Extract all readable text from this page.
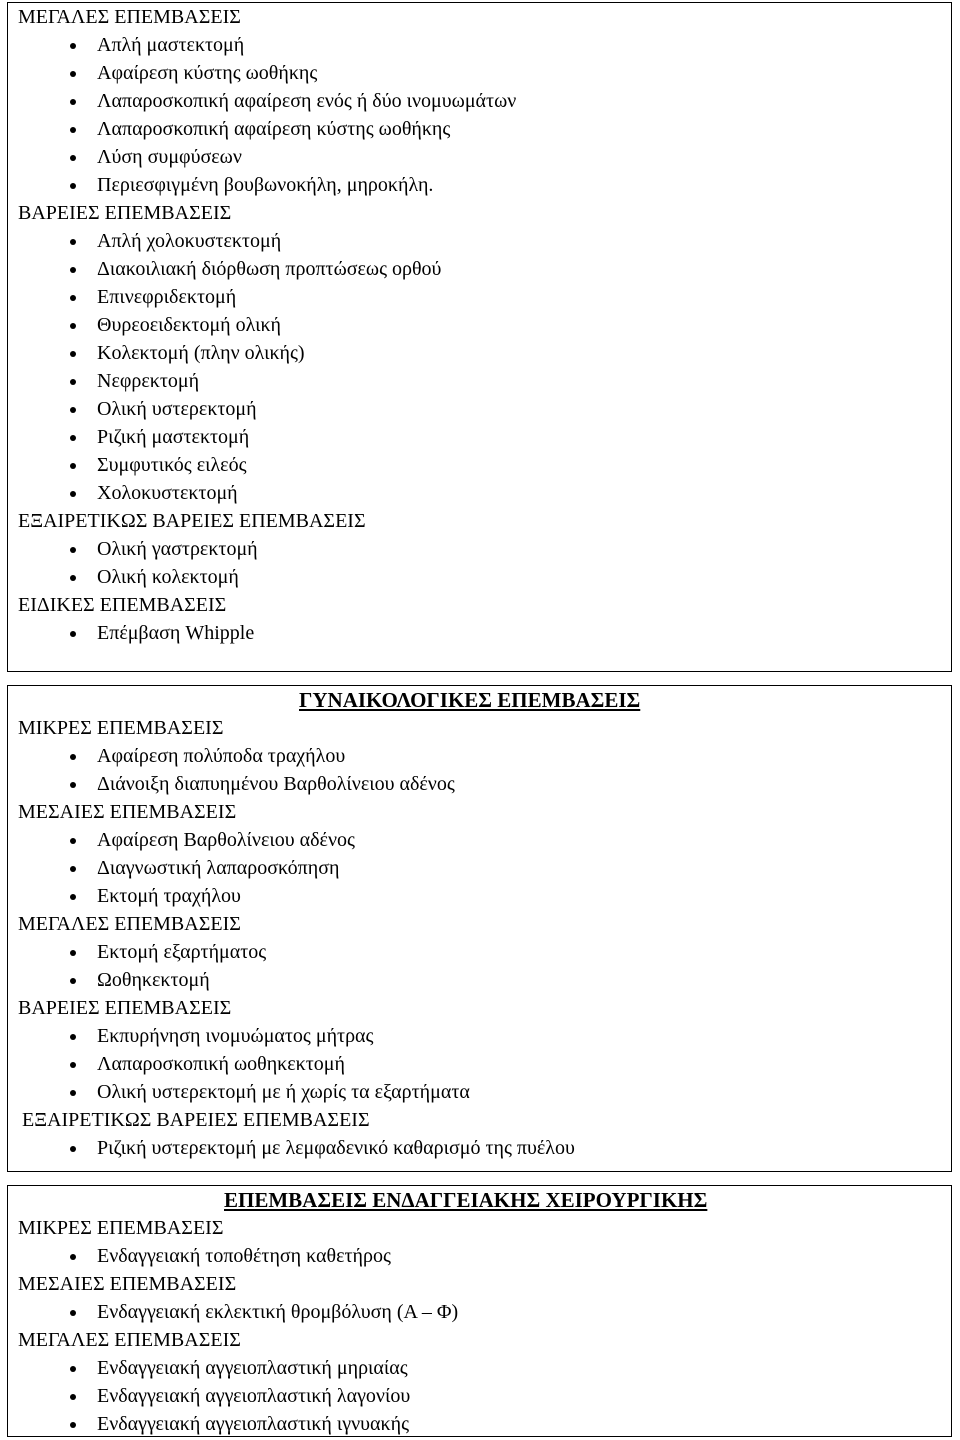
ΜΕΓΑΛΕΣ ΕΠΕΜΒΑΣΕΙΣ
Απλή μαστεκτομή
Αφαίρεση κύστης ωοθήκης
Λαπαροσκοπική αφαίρεση ενός ή δύο ινομυωμάτων
Λαπαροσκοπική αφαίρεση κύστης ωοθήκης
Λύση συμφύσεων
Περιεσφιγμένη βουβωνοκήλη, μηροκήλη.
ΒΑΡΕΙΕΣ ΕΠΕΜΒΑΣΕΙΣ
Απλή χολοκυστεκτομή
Διακοιλιακή διόρθωση προπτώσεως ορθού
Επινεφριδεκτομή
Θυρεοειδεκτομή ολική
Κολεκτομή (πλην ολικής)
Νεφρεκτομή
Ολική υστερεκτομή
Ριζική μαστεκτομή
Συμφυτικός ειλεός
Χολοκυστεκτομή
ΕΞΑΙΡΕΤΙΚΩΣ ΒΑΡΕΙΕΣ ΕΠΕΜΒΑΣΕΙΣ
Ολική γαστρεκτομή
Ολική κολεκτομή
ΕΙΔΙΚΕΣ ΕΠΕΜΒΑΣΕΙΣ
Επέμβαση Whipple
ΓΥΝΑΙΚΟΛΟΓΙΚΕΣ ΕΠΕΜΒΑΣΕΙΣ
ΜΙΚΡΕΣ ΕΠΕΜΒΑΣΕΙΣ
Αφαίρεση πολύποδα τραχήλου
Διάνοιξη διαπυημένου Βαρθολίνειου αδένος
ΜΕΣΑΙΕΣ ΕΠΕΜΒΑΣΕΙΣ
Αφαίρεση Βαρθολίνειου αδένος
Διαγνωστική λαπαροσκόπηση
Εκτομή τραχήλου
ΜΕΓΑΛΕΣ ΕΠΕΜΒΑΣΕΙΣ
Εκτομή εξαρτήματος
Ωοθηκεκτομή
ΒΑΡΕΙΕΣ ΕΠΕΜΒΑΣΕΙΣ
Εκπυρήνηση ινομυώματος μήτρας
Λαπαροσκοπική ωοθηκεκτομή
Ολική υστερεκτομή με ή χωρίς τα εξαρτήματα
ΕΞΑΙΡΕΤΙΚΩΣ ΒΑΡΕΙΕΣ ΕΠΕΜΒΑΣΕΙΣ
Ριζική υστερεκτομή με λεμφαδενικό καθαρισμό της πυέλου
ΕΠΕΜΒΑΣΕΙΣ ΕΝΔΑΓΓΕΙΑΚΗΣ ΧΕΙΡΟΥΡΓΙΚΗΣ
ΜΙΚΡΕΣ ΕΠΕΜΒΑΣΕΙΣ
Ενδαγγειακή τοποθέτηση καθετήρος
ΜΕΣΑΙΕΣ ΕΠΕΜΒΑΣΕΙΣ
Ενδαγγειακή εκλεκτική θρομβόλυση (Α – Φ)
ΜΕΓΑΛΕΣ ΕΠΕΜΒΑΣΕΙΣ
Ενδαγγειακή αγγειοπλαστική μηριαίας
Ενδαγγειακή αγγειοπλαστική λαγονίου
Ενδαγγειακή αγγειοπλαστική ιγνυακής
